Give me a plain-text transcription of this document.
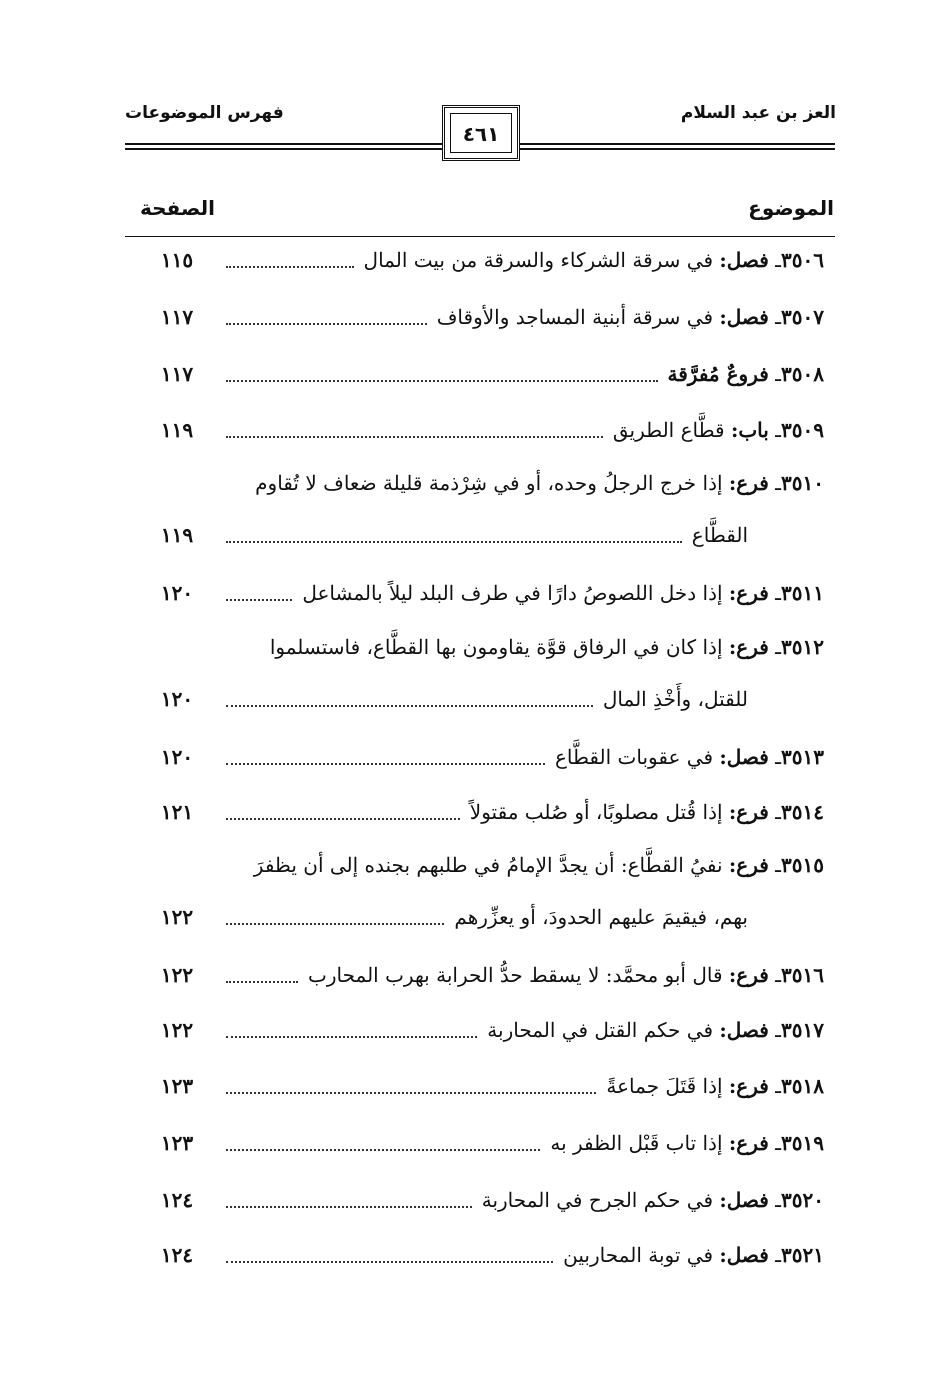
العز بن عبد السلام
فهرس الموضوعات
٤٦١
الموضوع
الصفحة
٣٥٠٦ـ فصل: في سرقة الشركاء والسرقة من بيت المال
١١٥
٣٥٠٧ـ فصل: في سرقة أبنية المساجد والأوقاف
١١٧
٣٥٠٨ـ فروعٌ مُفرَّقة
١١٧
٣٥٠٩ـ باب: قطَّاع الطريق
١١٩
٣٥١٠ـ فرع: إذا خرج الرجلُ وحده، أو في شِرْذمة قليلة ضعاف لا تُقاوم
القطَّاع
١١٩
٣٥١١ـ فرع: إذا دخل اللصوصُ دارًا في طرف البلد ليلاً بالمشاعل
١٢٠
٣٥١٢ـ فرع: إذا كان في الرفاق قوَّة يقاومون بها القطَّاع، فاستسلموا
للقتل، وأَخْذِ المال
١٢٠
٣٥١٣ـ فصل: في عقوبات القطَّاع
١٢٠
٣٥١٤ـ فرع: إذا قُتل مصلوبًا، أو صُلب مقتولاً
١٢١
٣٥١٥ـ فرع: نفيُ القطَّاع: أن يجدَّ الإمامُ في طلبهم بجنده إلى أن يظفرَ
بهم، فيقيمَ عليهم الحدودَ، أو يعزِّرهم
١٢٢
٣٥١٦ـ فرع: قال أبو محمَّد: لا يسقط حدُّ الحرابة بهرب المحارب
١٢٢
٣٥١٧ـ فصل: في حكم القتل في المحاربة
١٢٢
٣٥١٨ـ فرع: إذا قَتَلَ جماعةً
١٢٣
٣٥١٩ـ فرع: إذا تاب قَبْل الظفر به
١٢٣
٣٥٢٠ـ فصل: في حكم الجرح في المحاربة
١٢٤
٣٥٢١ـ فصل: في توبة المحاربين
١٢٤
